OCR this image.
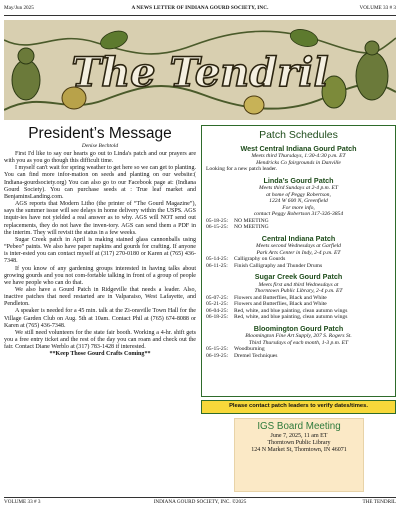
May/Jun 2025	A NEWS LETTER OF INDIANA GOURD SOCIETY, INC.	VOLUME 33 # 3
The Tendril
President’s Message
Denise Bechtold

First I'd like to say our hearts go out to Linda's patch and our prayers are with you as you go though this difficult time.

I myself can't wait for spring weather to get here so we can get to planting. You can find more infor-mation on seeds and planting on our website:( Indiana-gourdsociety.org) You can also go to our Facebook page at: (Indiana Gourd Society). You can purchase seeds at : True leaf market and BenjaminsLanding.com.

AGS reports that Modern Litho (the printer of “The Gourd Magazine”), says the summer issue will see delays in home delivery within the USPS. AGS inquir-ies have not yielded a real answer as to why. AGS will NOT send out replacements, they do not have the inven-tory. AGS can send them a PDF in the interim. They will revisit the status in a few weeks.

Sugar Creek patch in April is making stained glass cannonballs using “Pebeo” paints. We also have paper napkins and gourds for crafting. If anyone is inter-ested you can contact myself at (317) 270-0180 or Karen at (765) 436-7348.

If you know of any gardening groups interested in having talks about growing gourds and you not com-fortable talking in front of a group of people we have people who can do that.

We also have a Gourd Patch in Ridgeville that needs a leader. Also, inactive patches that need restarted are in Valparaiso, West Lafayette, and Pendleton.

A speaker is needed for a 45 min. talk at the Zi-onsville Town Hall for the Village Garden Club on Aug. 5th at 10am. Contact Phil at (765) 674-8088 or Karen at (765) 436-7348.

We still need volunteers for the state fair booth. Working a 4-hr. shift gets you a free entry ticket and the rest of the day you can roam and check out the fair. Contact Diane Werblo at (317) 783-1428 if interested.

**Keep Those Gourd Crafts Coming**

Patch Schedules
West Central Indiana Gourd Patch
Meets third Thursdays, 1:30-4:30 p.m. ET
Hendricks Co fairgrounds in Danville
Looking for a new patch leader.
Linda’s Gourd Patch
Meets third Sundays at 2-4 p.m. ET
at home of Peggy Robertson,
1224 W 600 N, Greenfield
For more info,
contact Peggy Robertson 317-326-3854
05-18-25:	NO MEETING
06-15-25:	NO MEETING
Central Indiana Patch
Meets second Wednesdays at Garfield
Park Arts Center in Indy, 2-4 p.m. ET
05-14-25:	Calligraphy on Gourds
06-11-25:	Finish Calligraphy and Thunder Drums
Sugar Creek Gourd Patch
Meets first and third Wednesdays at
Thorntown Public Library, 2-4 p.m. ET
05-07-25:	Flowers and Butterflies, Black and White
05-21-25:	Flowers and Butterflies, Black and White
06-04-25:	Red, white, and blue painting, clean autumn wings
06-18-25:	Red, white, and blue painting, clean autumn wings
Bloomington Gourd Patch
Bloomington Fine Art Supply, 207 S. Rogers St.
Third Thursdays of each month, 1-3 p.m. ET
05-15-25:	Woodburning
06-19-25:	Dremel Techniques
Please contact patch leaders to verify dates/times.
IGS Board Meeting
June 7, 2025, 11 am ET
Thorntown Public Library
124 N Market St, Thorntown, IN 46071
VOLUME 33 # 3	INDIANA GOURD SOCIETY, INC. ©2025	THE TENDRIL
